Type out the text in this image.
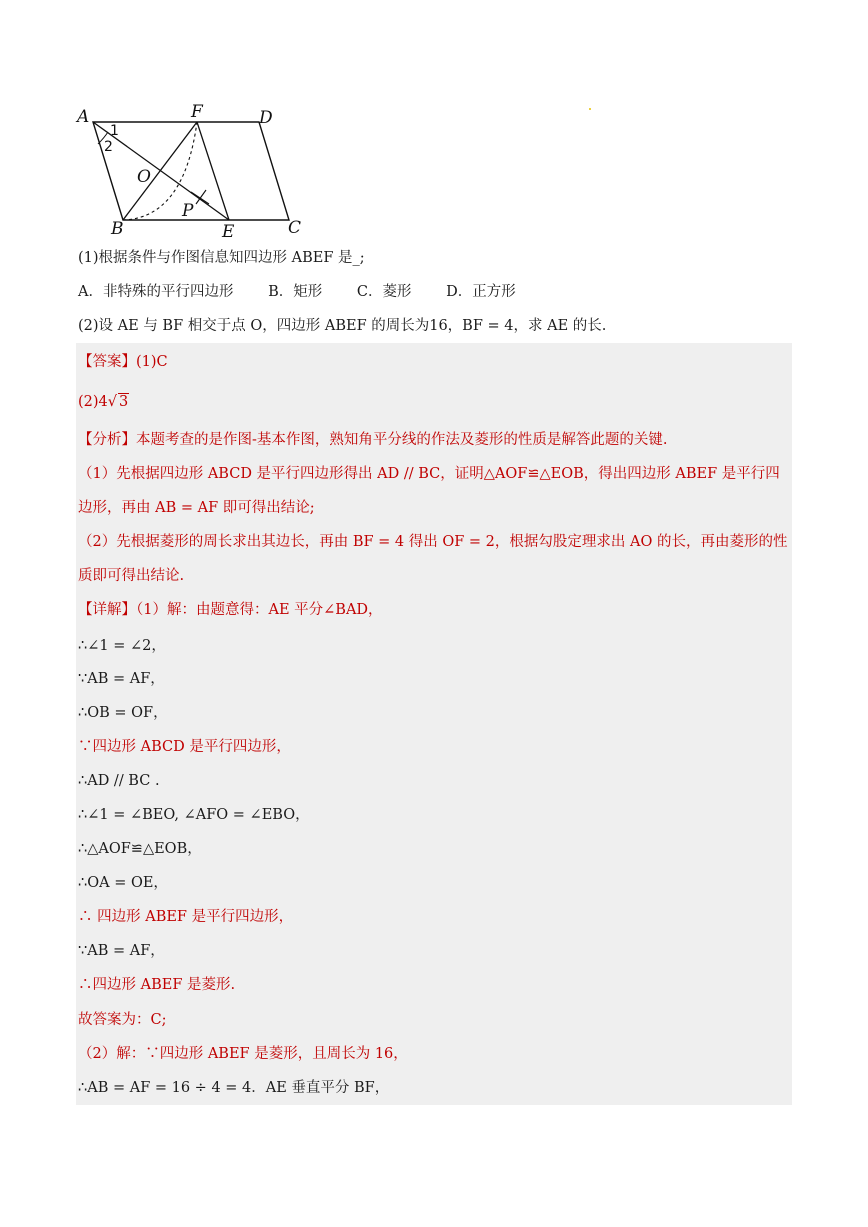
A	F	D
B	E	C
O
P
1
2
(1)根据条件与作图信息知四边形 ABEF 是_;
A．非特殊的平行四边形 B．矩形 C．菱形 D．正方形
(2)设 AE 与 BF 相交于点 O，四边形 ABEF 的周长为16，BF = 4，求 AE 的长.
【答案】(1)C
(2)4√ 3
【分析】本题考查的是作图-基本作图，熟知角平分线的作法及菱形的性质是解答此题的关键.
（1）先根据四边形 ABCD 是平行四边形得出 AD // BC，证明△AOF≌△EOB，得出四边形 ABEF 是平行四
边形，再由 AB = AF 即可得出结论;
（2）先根据菱形的周长求出其边长，再由 BF = 4 得出 OF = 2，根据勾股定理求出 AO 的长，再由菱形的性
质即可得出结论.
【详解】（1）解：由题意得：AE 平分∠BAD，
∴∠1 = ∠2，
∵AB = AF，
∴OB = OF，
∵四边形 ABCD 是平行四边形，
∴AD // BC .
∴∠1 = ∠BEO, ∠AFO = ∠EBO，
∴△AOF≌△EOB，
∴OA = OE，
∴ 四边形 ABEF 是平行四边形，
∵AB = AF，
∴四边形 ABEF 是菱形.
故答案为：C;
（2）解：∵四边形 ABEF 是菱形，且周长为 16，
∴AB = AF = 16 ÷ 4 = 4．AE 垂直平分 BF，
